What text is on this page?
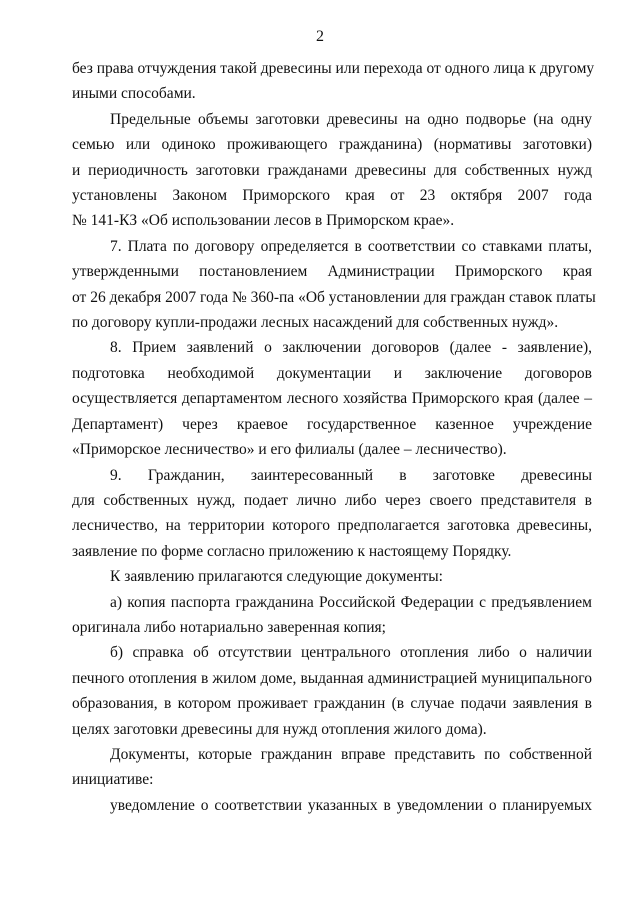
2
без права отчуждения такой древесины или перехода от одного лица к другому
иными способами.
Предельные объемы заготовки древесины на одно подворье (на одну
семью или одиноко проживающего гражданина) (нормативы заготовки)
и периодичность заготовки гражданами древесины для собственных нужд
установлены Законом Приморского края от 23 октября 2007 года
№ 141-КЗ «Об использовании лесов в Приморском крае».
7. Плата по договору определяется в соответствии со ставками платы,
утвержденными постановлением Администрации Приморского края
от 26 декабря 2007 года № 360-па «Об установлении для граждан ставок платы
по договору купли-продажи лесных насаждений для собственных нужд».
8. Прием заявлений о заключении договоров (далее - заявление),
подготовка необходимой документации и заключение договоров
осуществляется департаментом лесного хозяйства Приморского края (далее –
Департамент) через краевое государственное казенное учреждение
«Приморское лесничество» и его филиалы (далее – лесничество).
9. Гражданин, заинтересованный в заготовке древесины
для собственных нужд, подает лично либо через своего представителя в
лесничество, на территории которого предполагается заготовка древесины,
заявление по форме согласно приложению к настоящему Порядку.
К заявлению прилагаются следующие документы:
а) копия паспорта гражданина Российской Федерации с предъявлением
оригинала либо нотариально заверенная копия;
б) справка об отсутствии центрального отопления либо о наличии
печного отопления в жилом доме, выданная администрацией муниципального
образования, в котором проживает гражданин (в случае подачи заявления в
целях заготовки древесины для нужд отопления жилого дома).
Документы, которые гражданин вправе представить по собственной
инициативе:
уведомление о соответствии указанных в уведомлении о планируемых
